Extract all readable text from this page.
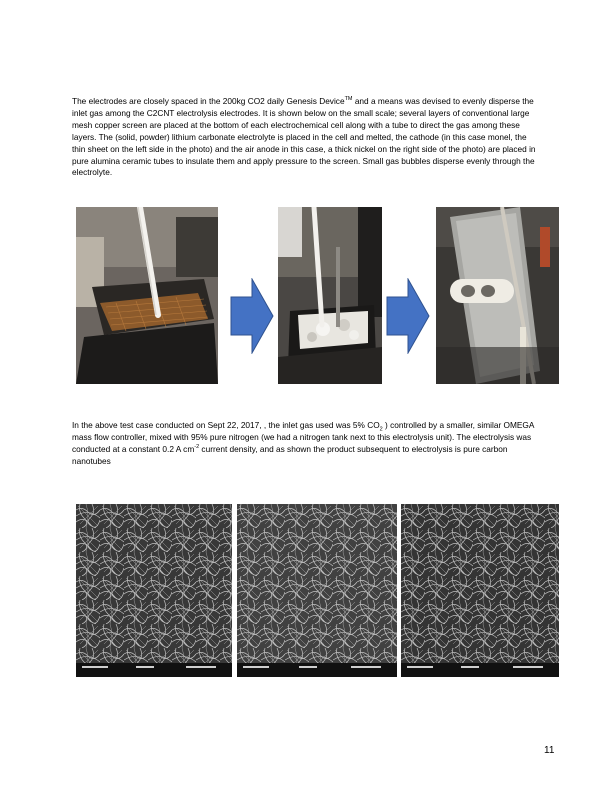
The electrodes are closely spaced in the 200kg CO2 daily Genesis Device™ and a means was devised to evenly disperse the inlet gas among the C2CNT electrolysis electrodes. It is shown below on the small scale; several layers of conventional large mesh copper screen are placed at the bottom of each electrochemical cell along with a tube to direct the gas among these layers. The (solid, powder) lithium carbonate electrolyte is placed in the cell and melted, the cathode (in this case monel, the thin sheet on the left side in the photo) and the air anode in this case, a thick nickel on the right side of the photo) are placed in pure alumina ceramic tubes to insulate them and apply pressure to the screen. Small gas bubbles disperse evenly through the electrolyte.

In the above test case conducted on Sept 22, 2017, , the inlet gas used was 5% $CO_2$ ) controlled by a smaller, similar OMEGA mass flow controller, mixed with 95% pure nitrogen (we had a nitrogen tank next to this electrolysis unit). The electrolysis was conducted at a constant 0.2 A $cm^{-2}$ current density, and as shown the product subsequent to electrolysis is pure carbon nanotubes

11
